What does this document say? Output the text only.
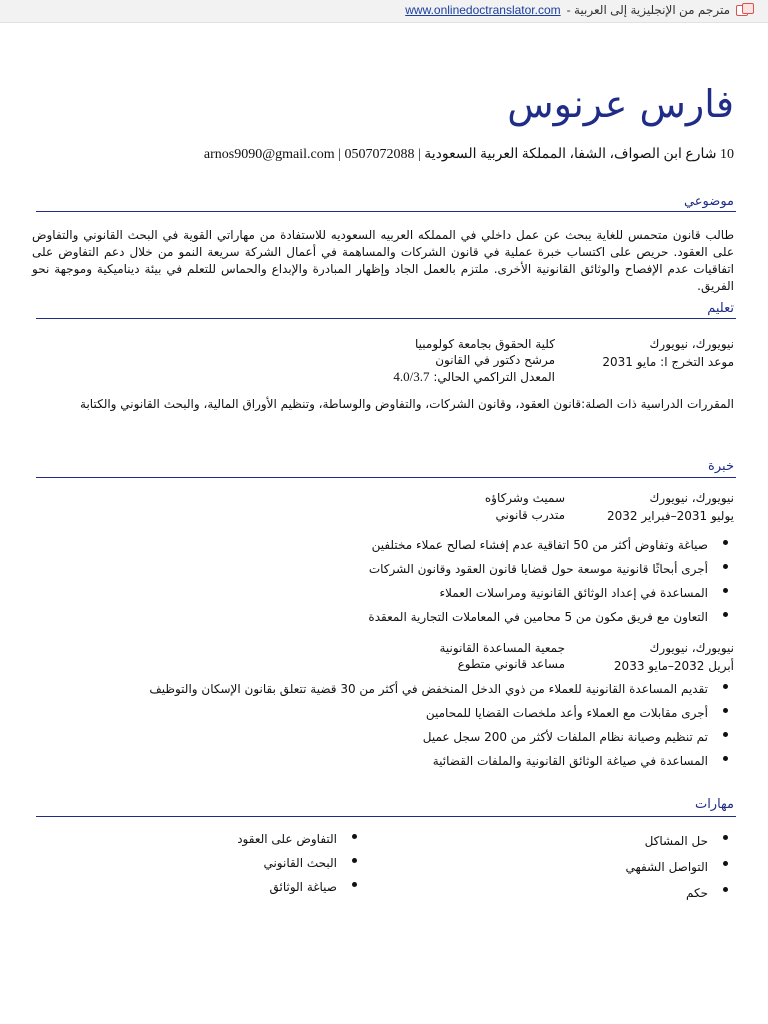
مترجم من الإنجليزية إلى العربية -
www.onlinedoctranslator.com
فارس عرنوس
10 شارع ابن الصواف، الشفا، المملكة العربية السعودية | 0507072088 | arnos9090@gmail.com
موضوعي
طالب قانون متحمس للغاية يبحث عن عمل داخلي في المملكه العربيه السعوديه للاستفادة من مهاراتي القوية في البحث القانوني والتفاوض على العقود. حريص على اكتساب خبرة عملية في قانون الشركات والمساهمة في أعمال الشركة سريعة النمو من خلال دعم التفاوض على اتفاقيات عدم الإفصاح والوثائق القانونية الأخرى. ملتزم بالعمل الجاد وإظهار المبادرة والإبداع والحماس للتعلم في بيئة ديناميكية وموجهة نحو الفريق.
تعليم
نيويورك، نيويورك
موعد التخرج ا: مايو 2031
كلية الحقوق بجامعة كولومبيا
مرشح دكتور في القانون
المعدل التراكمي الحالي: 4.0/3.7
المقررات الدراسية ذات الصلة:قانون العقود، وقانون الشركات، والتفاوض والوساطة، وتنظيم الأوراق المالية، والبحث القانوني والكتابة
خبرة
نيويورك، نيويورك
يوليو 2031–فبراير 2032
سميث وشركاؤه
متدرب قانوني
صياغة وتفاوض أكثر من 50 اتفاقية عدم إفشاء لصالح عملاء مختلفين
أجرى أبحاثًا قانونية موسعة حول قضايا قانون العقود وقانون الشركات
المساعدة في إعداد الوثائق القانونية ومراسلات العملاء
التعاون مع فريق مكون من 5 محامين في المعاملات التجارية المعقدة
نيويورك، نيويورك
أبريل 2032–مايو 2033
جمعية المساعدة القانونية
مساعد قانوني متطوع
تقديم المساعدة القانونية للعملاء من ذوي الدخل المنخفض في أكثر من 30 قضية تتعلق بقانون الإسكان والتوظيف
أجرى مقابلات مع العملاء وأعد ملخصات القضايا للمحامين
تم تنظيم وصيانة نظام الملفات لأكثر من 200 سجل عميل
المساعدة في صياغة الوثائق القانونية والملفات القضائية
مهارات
حل المشاكل
التواصل الشفهي
حكم
التفاوض على العقود
البحث القانوني
صياغة الوثائق
